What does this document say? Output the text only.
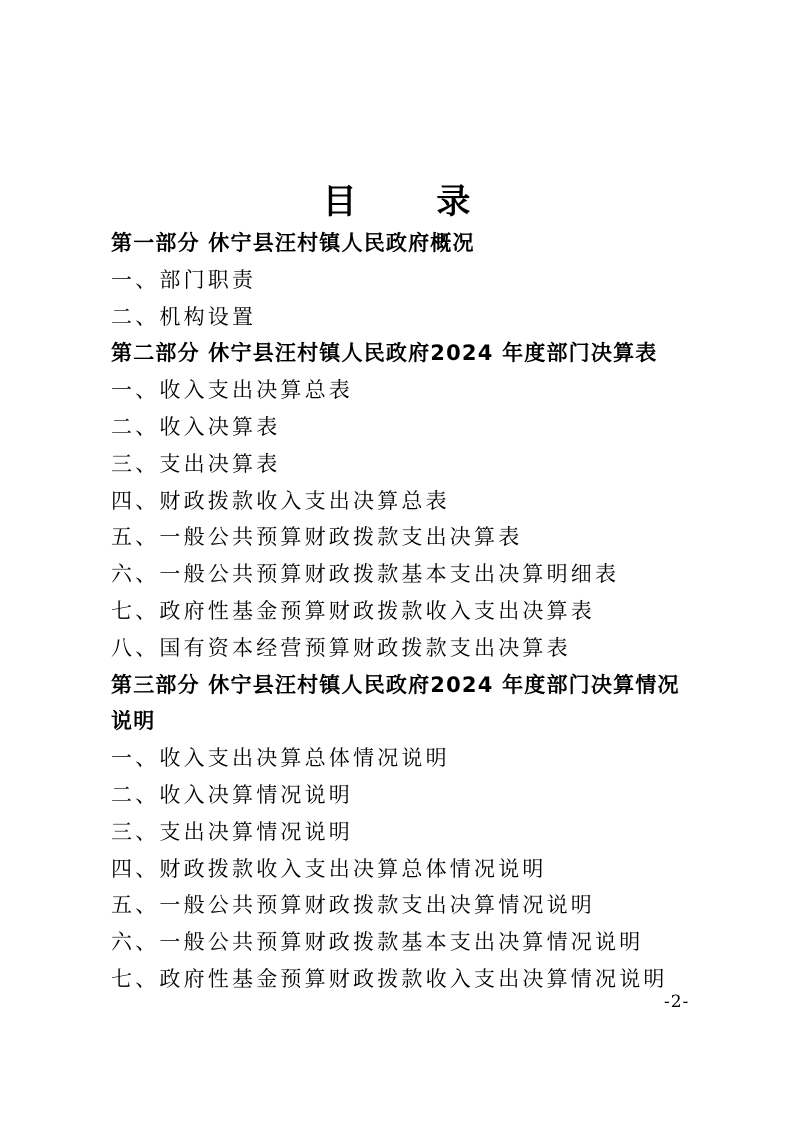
目 录
第一部分 休宁县汪村镇人民政府概况
一、部门职责
二、机构设置
第二部分 休宁县汪村镇人民政府2024 年度部门决算表
一、收入支出决算总表
二、收入决算表
三、支出决算表
四、财政拨款收入支出决算总表
五、一般公共预算财政拨款支出决算表
六、一般公共预算财政拨款基本支出决算明细表
七、政府性基金预算财政拨款收入支出决算表
八、国有资本经营预算财政拨款支出决算表
第三部分 休宁县汪村镇人民政府2024 年度部门决算情况说明
一、收入支出决算总体情况说明
二、收入决算情况说明
三、支出决算情况说明
四、财政拨款收入支出决算总体情况说明
五、一般公共预算财政拨款支出决算情况说明
六、一般公共预算财政拨款基本支出决算情况说明
七、政府性基金预算财政拨款收入支出决算情况说明
-2-
